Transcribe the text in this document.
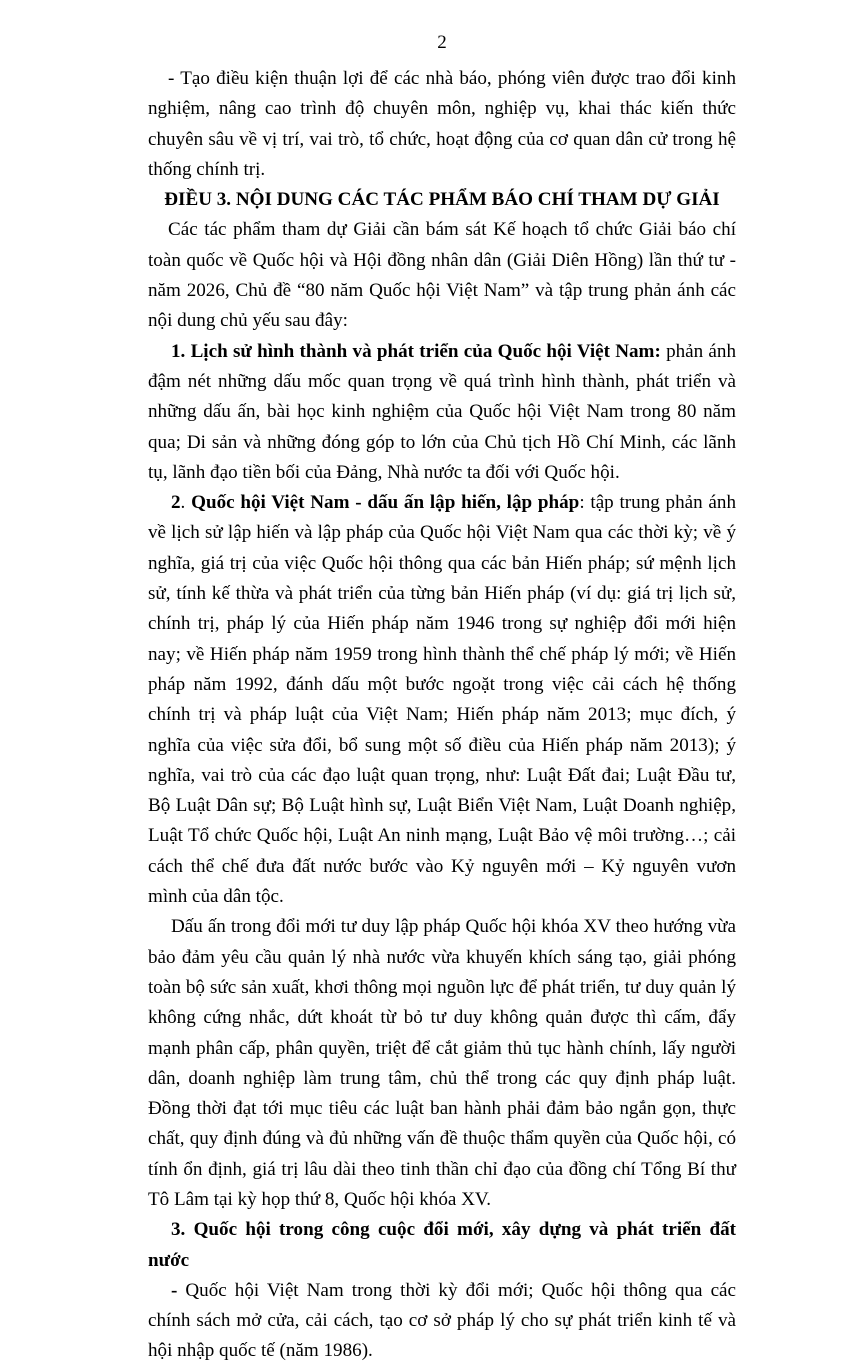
2

- Tạo điều kiện thuận lợi để các nhà báo, phóng viên được trao đổi kinh nghiệm, nâng cao trình độ chuyên môn, nghiệp vụ, khai thác kiến thức chuyên sâu về vị trí, vai trò, tổ chức, hoạt động của cơ quan dân cử trong hệ thống chính trị.

ĐIỀU 3. NỘI DUNG CÁC TÁC PHẨM BÁO CHÍ THAM DỰ GIẢI

Các tác phẩm tham dự Giải cần bám sát Kế hoạch tổ chức Giải báo chí toàn quốc về Quốc hội và Hội đồng nhân dân (Giải Diên Hồng) lần thứ tư - năm 2026, Chủ đề “80 năm Quốc hội Việt Nam” và tập trung phản ánh các nội dung chủ yếu sau đây:

1. Lịch sử hình thành và phát triển của Quốc hội Việt Nam: phản ánh đậm nét những dấu mốc quan trọng về quá trình hình thành, phát triển và những dấu ấn, bài học kinh nghiệm của Quốc hội Việt Nam trong 80 năm qua; Di sản và những đóng góp to lớn của Chủ tịch Hồ Chí Minh, các lãnh tụ, lãnh đạo tiền bối của Đảng, Nhà nước ta đối với Quốc hội.

2. Quốc hội Việt Nam - dấu ấn lập hiến, lập pháp: tập trung phản ánh về lịch sử lập hiến và lập pháp của Quốc hội Việt Nam qua các thời kỳ; về ý nghĩa, giá trị của việc Quốc hội thông qua các bản Hiến pháp; sứ mệnh lịch sử, tính kế thừa và phát triển của từng bản Hiến pháp (ví dụ: giá trị lịch sử, chính trị, pháp lý của Hiến pháp năm 1946 trong sự nghiệp đổi mới hiện nay; về Hiến pháp năm 1959 trong hình thành thể chế pháp lý mới; về Hiến pháp năm 1992, đánh dấu một bước ngoặt trong việc cải cách hệ thống chính trị và pháp luật của Việt Nam; Hiến pháp năm 2013; mục đích, ý nghĩa của việc sửa đổi, bổ sung một số điều của Hiến pháp năm 2013); ý nghĩa, vai trò của các đạo luật quan trọng, như: Luật Đất đai; Luật Đầu tư, Bộ Luật Dân sự; Bộ Luật hình sự, Luật Biển Việt Nam, Luật Doanh nghiệp, Luật Tổ chức Quốc hội, Luật An ninh mạng, Luật Bảo vệ môi trường…; cải cách thể chế đưa đất nước bước vào Kỷ nguyên mới – Kỷ nguyên vươn mình của dân tộc.

Dấu ấn trong đổi mới tư duy lập pháp Quốc hội khóa XV theo hướng vừa bảo đảm yêu cầu quản lý nhà nước vừa khuyến khích sáng tạo, giải phóng toàn bộ sức sản xuất, khơi thông mọi nguồn lực để phát triển, tư duy quản lý không cứng nhắc, dứt khoát từ bỏ tư duy không quản được thì cấm, đẩy mạnh phân cấp, phân quyền, triệt để cắt giảm thủ tục hành chính, lấy người dân, doanh nghiệp làm trung tâm, chủ thể trong các quy định pháp luật. Đồng thời đạt tới mục tiêu các luật ban hành phải đảm bảo ngắn gọn, thực chất, quy định đúng và đủ những vấn đề thuộc thẩm quyền của Quốc hội, có tính ổn định, giá trị lâu dài theo tinh thần chỉ đạo của đồng chí Tổng Bí thư Tô Lâm tại kỳ họp thứ 8, Quốc hội khóa XV.

3. Quốc hội trong công cuộc đổi mới, xây dựng và phát triển đất nước

- Quốc hội Việt Nam trong thời kỳ đổi mới; Quốc hội thông qua các chính sách mở cửa, cải cách, tạo cơ sở pháp lý cho sự phát triển kinh tế và hội nhập quốc tế (năm 1986).
